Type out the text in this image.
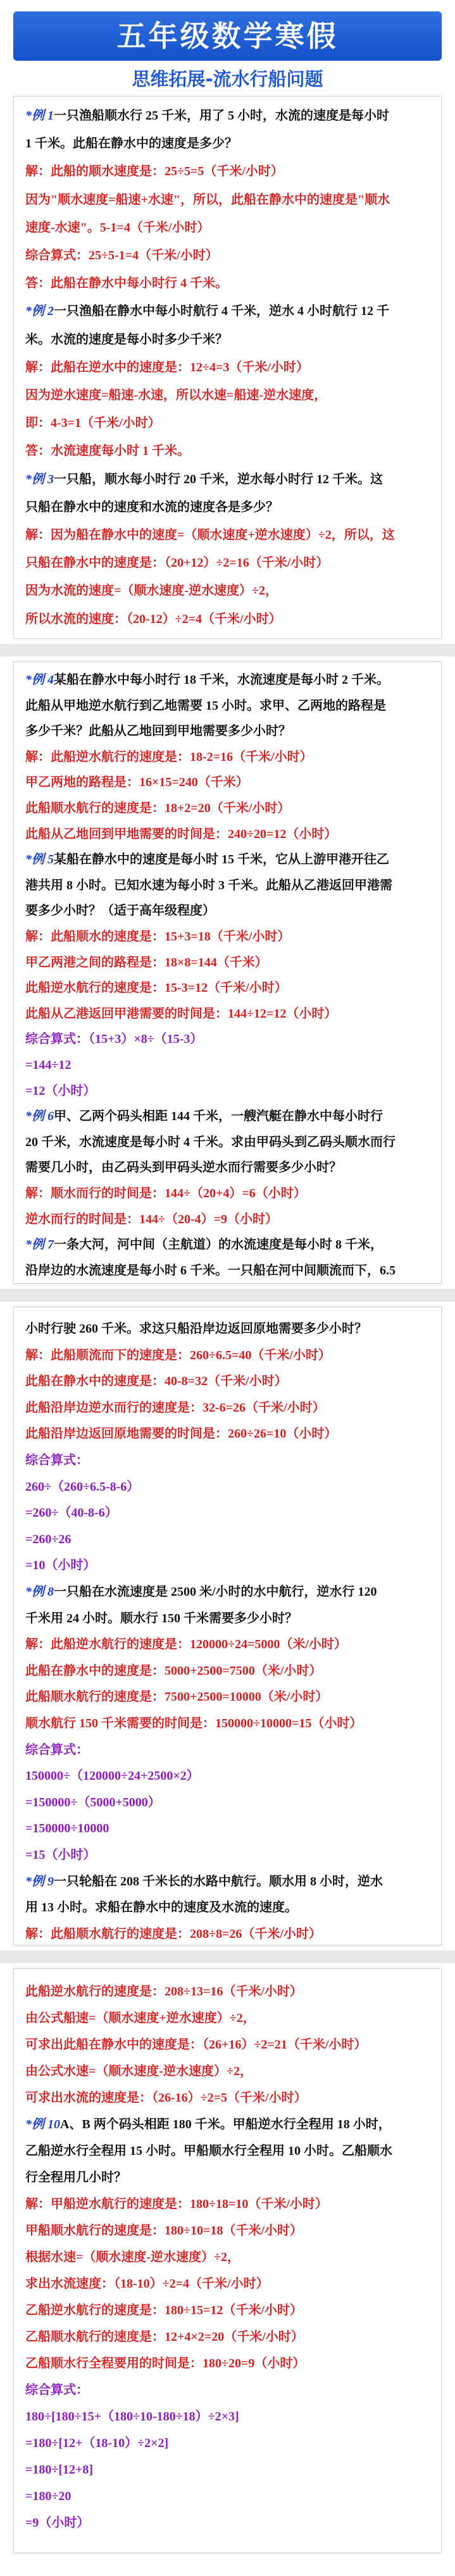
五年级数学寒假
思维拓展-流水行船问题
*例 1一只渔船顺水行 25 千米，用了 5 小时，水流的速度是每小时
1 千米。此船在静水中的速度是多少？
解：此船的顺水速度是：25÷5=5（千米/小时）
因为"顺水速度=船速+水速"，所以，此船在静水中的速度是"顺水
速度-水速"。5-1=4（千米/小时）
综合算式：25÷5-1=4（千米/小时）
答：此船在静水中每小时行 4 千米。
*例 2一只渔船在静水中每小时航行 4 千米，逆水 4 小时航行 12 千
米。水流的速度是每小时多少千米？
解：此船在逆水中的速度是：12÷4=3（千米/小时）
因为逆水速度=船速-水速，所以水速=船速-逆水速度，
即：4-3=1（千米/小时）
答：水流速度每小时 1 千米。
*例 3一只船，顺水每小时行 20 千米，逆水每小时行 12 千米。这
只船在静水中的速度和水流的速度各是多少？
解：因为船在静水中的速度=（顺水速度+逆水速度）÷2，所以，这
只船在静水中的速度是：（20+12）÷2=16（千米/小时）
因为水流的速度=（顺水速度-逆水速度）÷2，
所以水流的速度：（20-12）÷2=4（千米/小时）
*例 4某船在静水中每小时行 18 千米，水流速度是每小时 2 千米。
此船从甲地逆水航行到乙地需要 15 小时。求甲、乙两地的路程是
多少千米？此船从乙地回到甲地需要多少小时？
解：此船逆水航行的速度是：18-2=16（千米/小时）
甲乙两地的路程是：16×15=240（千米）
此船顺水航行的速度是：18+2=20（千米/小时）
此船从乙地回到甲地需要的时间是：240÷20=12（小时）
*例 5某船在静水中的速度是每小时 15 千米，它从上游甲港开往乙
港共用 8 小时。已知水速为每小时 3 千米。此船从乙港返回甲港需
要多少小时？（适于高年级程度）
解：此船顺水的速度是：15+3=18（千米/小时）
甲乙两港之间的路程是：18×8=144（千米）
此船逆水航行的速度是：15-3=12（千米/小时）
此船从乙港返回甲港需要的时间是：144÷12=12（小时）
综合算式：（15+3）×8÷（15-3）
=144÷12
=12（小时）
*例 6甲、乙两个码头相距 144 千米，一艘汽艇在静水中每小时行
20 千米，水流速度是每小时 4 千米。求由甲码头到乙码头顺水而行
需要几小时，由乙码头到甲码头逆水而行需要多少小时？
解：顺水而行的时间是：144÷（20+4）=6（小时）
逆水而行的时间是：144÷（20-4）=9（小时）
*例 7一条大河，河中间（主航道）的水流速度是每小时 8 千米，
沿岸边的水流速度是每小时 6 千米。一只船在河中间顺流而下，6.5
小时行驶 260 千米。求这只船沿岸边返回原地需要多少小时？
解：此船顺流而下的速度是：260÷6.5=40（千米/小时）
此船在静水中的速度是：40-8=32（千米/小时）
此船沿岸边逆水而行的速度是：32-6=26（千米/小时）
此船沿岸边返回原地需要的时间是：260÷26=10（小时）
综合算式：
260÷（260÷6.5-8-6）
=260÷（40-8-6）
=260÷26
=10（小时）
*例 8一只船在水流速度是 2500 米/小时的水中航行，逆水行 120
千米用 24 小时。顺水行 150 千米需要多少小时？
解：此船逆水航行的速度是：120000÷24=5000（米/小时）
此船在静水中的速度是：5000+2500=7500（米/小时）
此船顺水航行的速度是：7500+2500=10000（米/小时）
顺水航行 150 千米需要的时间是：150000÷10000=15（小时）
综合算式：
150000÷（120000÷24+2500×2）
=150000÷（5000+5000）
=150000÷10000
=15（小时）
*例 9一只轮船在 208 千米长的水路中航行。顺水用 8 小时，逆水
用 13 小时。求船在静水中的速度及水流的速度。
解：此船顺水航行的速度是：208÷8=26（千米/小时）
此船逆水航行的速度是：208÷13=16（千米/小时）
由公式船速=（顺水速度+逆水速度）÷2，
可求出此船在静水中的速度是：（26+16）÷2=21（千米/小时）
由公式水速=（顺水速度-逆水速度）÷2，
可求出水流的速度是：（26-16）÷2=5（千米/小时）
*例 10A、B 两个码头相距 180 千米。甲船逆水行全程用 18 小时，
乙船逆水行全程用 15 小时。甲船顺水行全程用 10 小时。乙船顺水
行全程用几小时？
解：甲船逆水航行的速度是：180÷18=10（千米/小时）
甲船顺水航行的速度是：180÷10=18（千米/小时）
根据水速=（顺水速度-逆水速度）÷2，
求出水流速度：（18-10）÷2=4（千米/小时）
乙船逆水航行的速度是：180÷15=12（千米/小时）
乙船顺水航行的速度是：12+4×2=20（千米/小时）
乙船顺水行全程要用的时间是：180÷20=9（小时）
综合算式：
180÷[180÷15+（180÷10-180÷18）÷2×3]
=180÷[12+（18-10）÷2×2]
=180÷[12+8]
=180÷20
=9（小时）
